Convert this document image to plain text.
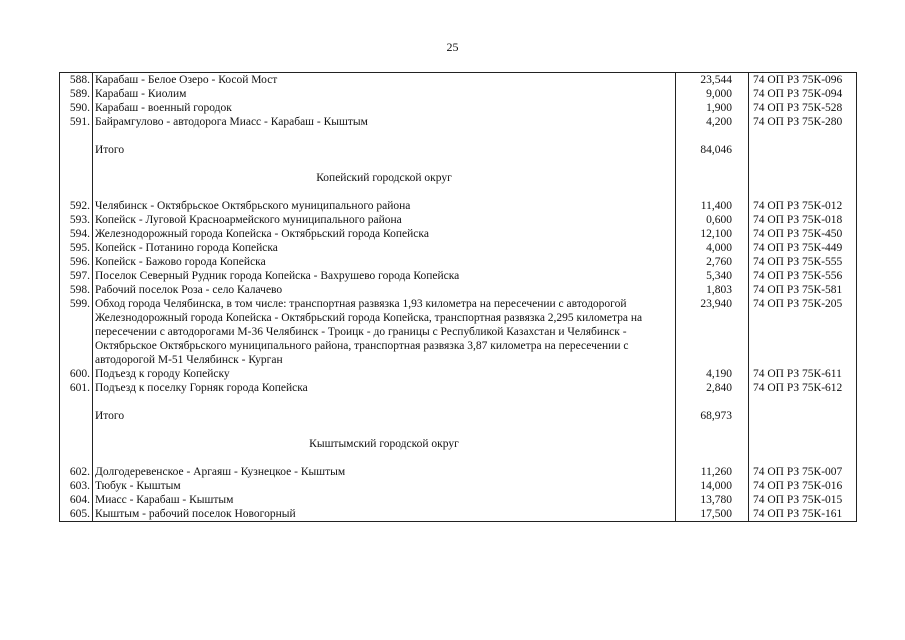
25
588.	Карабаш - Белое Озеро - Косой Мост	23,544	74 ОП РЗ 75К-096
589.	Карабаш - Киолим	9,000	74 ОП РЗ 75К-094
590.	Карабаш - военный городок	1,900	74 ОП РЗ 75К-528
591.	Байрамгулово - автодорога Миасс - Карабаш - Кыштым	4,200	74 ОП РЗ 75К-280

	Итого	84,046	

	Копейский городской округ		

592.	Челябинск - Октябрьское Октябрьского муниципального района	11,400	74 ОП РЗ 75К-012
593.	Копейск - Луговой Красноармейского муниципального района	0,600	74 ОП РЗ 75К-018
594.	Железнодорожный города Копейска - Октябрьский города Копейска	12,100	74 ОП РЗ 75К-450
595.	Копейск - Потанино города Копейска	4,000	74 ОП РЗ 75К-449
596.	Копейск - Бажово города Копейска	2,760	74 ОП РЗ 75К-555
597.	Поселок Северный Рудник города Копейска - Вахрушево города Копейска	5,340	74 ОП РЗ 75К-556
598.	Рабочий поселок Роза - село Калачево	1,803	74 ОП РЗ 75К-581
599.	Обход города Челябинска, в том числе: транспортная развязка 1,93 километра на пересечении с автодорогой Железнодорожный города Копейска - Октябрьский города Копейска, транспортная развязка 2,295 километра на пересечении с автодорогами М-36 Челябинск - Троицк - до границы с Республикой Казахстан и Челябинск - Октябрьское Октябрьского муниципального района, транспортная развязка 3,87 километра на пересечении с автодорогой М-51 Челябинск - Курган	23,940	74 ОП РЗ 75К-205
600.	Подъезд к городу Копейску	4,190	74 ОП РЗ 75К-611
601.	Подъезд к поселку Горняк города Копейска	2,840	74 ОП РЗ 75К-612

	Итого	68,973	

	Кыштымский городской округ		

602.	Долгодеревенское - Аргаяш - Кузнецкое - Кыштым	11,260	74 ОП РЗ 75К-007
603.	Тюбук - Кыштым	14,000	74 ОП РЗ 75К-016
604.	Миасс - Карабаш - Кыштым	13,780	74 ОП РЗ 75К-015
605.	Кыштым - рабочий поселок Новогорный	17,500	74 ОП РЗ 75К-161
